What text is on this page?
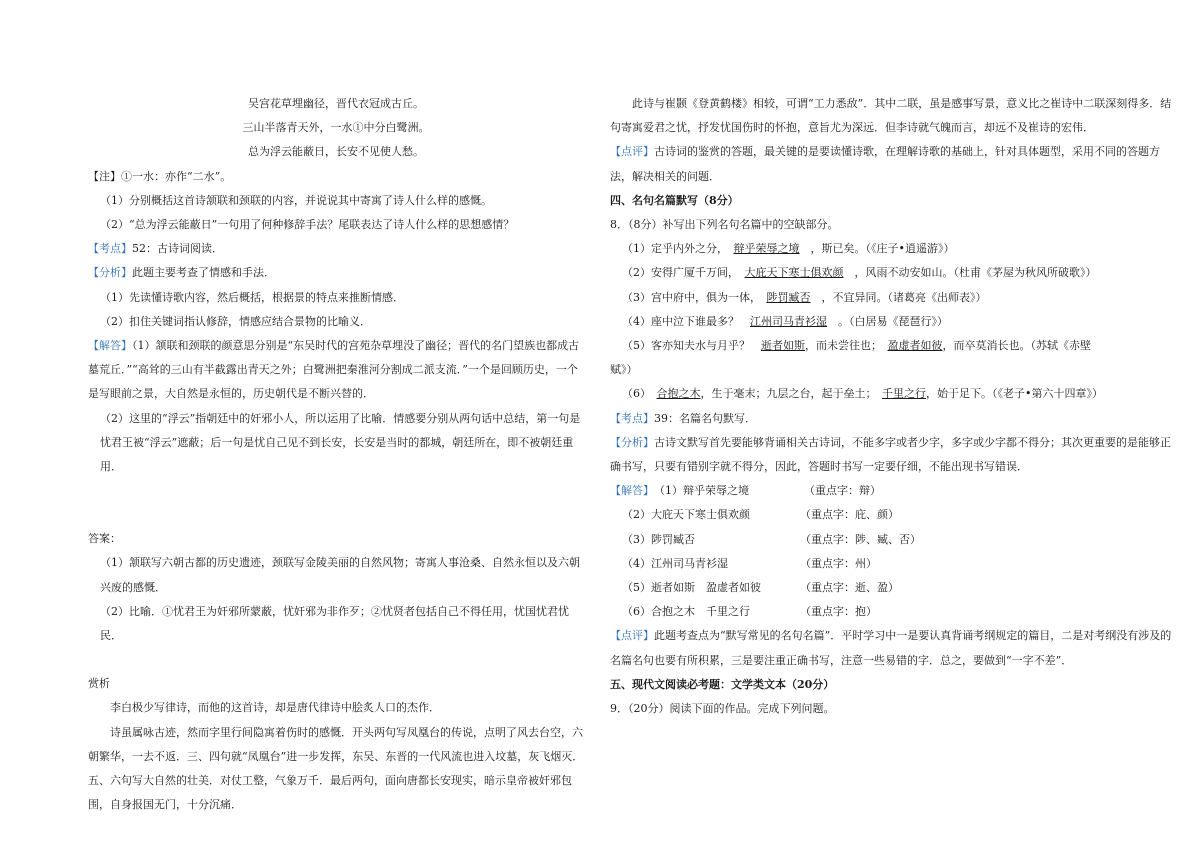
吴宫花草埋幽径，晋代衣冠成古丘。
三山半落青天外，一水①中分白鹭洲。
总为浮云能蔽日，长安不见使人愁。
【注】①一水：亦作“二水”。
（1）分别概括这首诗颔联和颈联的内容，并说说其中寄寓了诗人什么样的感慨。
（2）“总为浮云能蔽日”一句用了何种修辞手法？尾联表达了诗人什么样的思想感情？
【考点】52：古诗词阅读．
【分析】此题主要考查了情感和手法．
（1）先读懂诗歌内容，然后概括，根据景的特点来推断情感．
（2）扣住关键词指认修辞，情感应结合景物的比喻义．
【解答】（1）颔联和颈联的颜意思分别是“东吴时代的宫苑杂草埋没了幽径；晋代的名门望族也都成古墓荒丘．”“高耸的三山有半截露出青天之外；白鹭洲把秦淮河分割成二派支流．”一个是回顾历史，一个是写眼前之景，大自然是永恒的，历史朝代是不断兴替的．
（2）这里的“浮云”指朝廷中的奸邪小人，所以运用了比喻．情感要分别从两句话中总结，第一句是忧君王被“浮云”遮蔽；后一句是忧自己见不到长安，长安是当时的都城，朝廷所在，即不被朝廷重用．
答案：
（1）颔联写六朝古都的历史遗迹，颈联写金陵美丽的自然风物；寄寓人事沧桑、自然永恒以及六朝兴废的感慨．
（2）比喻．①忧君王为奸邪所蒙蔽，忧奸邪为非作歹；②忧贤者包括自己不得任用，忧国忧君忧民．
赏析
李白极少写律诗，而他的这首诗，却是唐代律诗中脍炙人口的杰作．
诗虽属咏古迹，然而字里行间隐寓着伤时的感慨．开头两句写凤凰台的传说，点明了风去台空，六朝繁华，一去不返．三、四句就“凤凰台”进一步发挥，东吴、东晋的一代风流也进入坟墓，灰飞烟灭．五、六句写大自然的壮美．对仗工整，气象万千．最后两句，面向唐都长安现实，暗示皇帝被奸邪包围，自身报国无门，十分沉痛．
此诗与崔颢《登黄鹤楼》相较，可谓“工力悉敌”．其中二联，虽是感事写景，意义比之崔诗中二联深刻得多．结句寄寓爱君之忧，抒发忧国伤时的怀抱，意旨尤为深远．但李诗就气魄而言，却远不及崔诗的宏伟．
【点评】古诗词的鉴赏的答题，最关键的是要读懂诗歌，在理解诗歌的基础上，针对具体题型，采用不同的答题方法，解决相关的问题．
四、名句名篇默写（8分）
8．（8分）补写出下列名句名篇中的空缺部分。
（1）定乎内外之分，　 辩乎荣辱之境　 ，斯已矣。（《庄子•逍遥游》）
（2）安得广厦千万间，　 大庇天下寒士俱欢颜　 ，风雨不动安如山。（杜甫《茅屋为秋风所破歌》）
（3）宫中府中，俱为一体，　 陟罚臧否　 ，不宜异同。（诸葛亮《出师表》）
（4）座中泣下谁最多？　 江州司马青衫湿　 。（白居易《琵琶行》）
（5）客亦知夫水与月乎？　 逝者如斯，而未尝往也；　 盈虚者如彼，而卒莫消长也。（苏轼《赤壁
赋》）
（6）　 合抱之木，生于毫末；九层之台，起于垒土；　 千里之行，始于足下。（《老子•第六十四章》）
【考点】39：名篇名句默写．
【分析】古诗文默写首先要能够背诵相关古诗词，不能多字或者少字，多字或少字都不得分；其次更重要的是能够正确书写，只要有错别字就不得分，因此，答题时书写一定要仔细，不能出现书写错误．
【解答】（1）辩乎荣辱之境	（重点字：辩）
（2）大庇天下寒士俱欢颜	（重点字：庇、颜）
（3）陟罚臧否	（重点字：陟、臧、否）
（4）江州司马青衫湿	（重点字：州）
（5）逝者如斯　盈虚者如彼	（重点字：逝、盈）
（6）合抱之木　千里之行	（重点字：抱）
【点评】此题考查点为“默写常见的名句名篇”．平时学习中一是要认真背诵考纲规定的篇目，二是对考纲没有涉及的名篇名句也要有所积累，三是要注重正确书写，注意一些易错的字．总之，要做到“一字不差”．
五、现代文阅读必考题：文学类文本（20分）
9．（20分）阅读下面的作品。完成下列问题。
